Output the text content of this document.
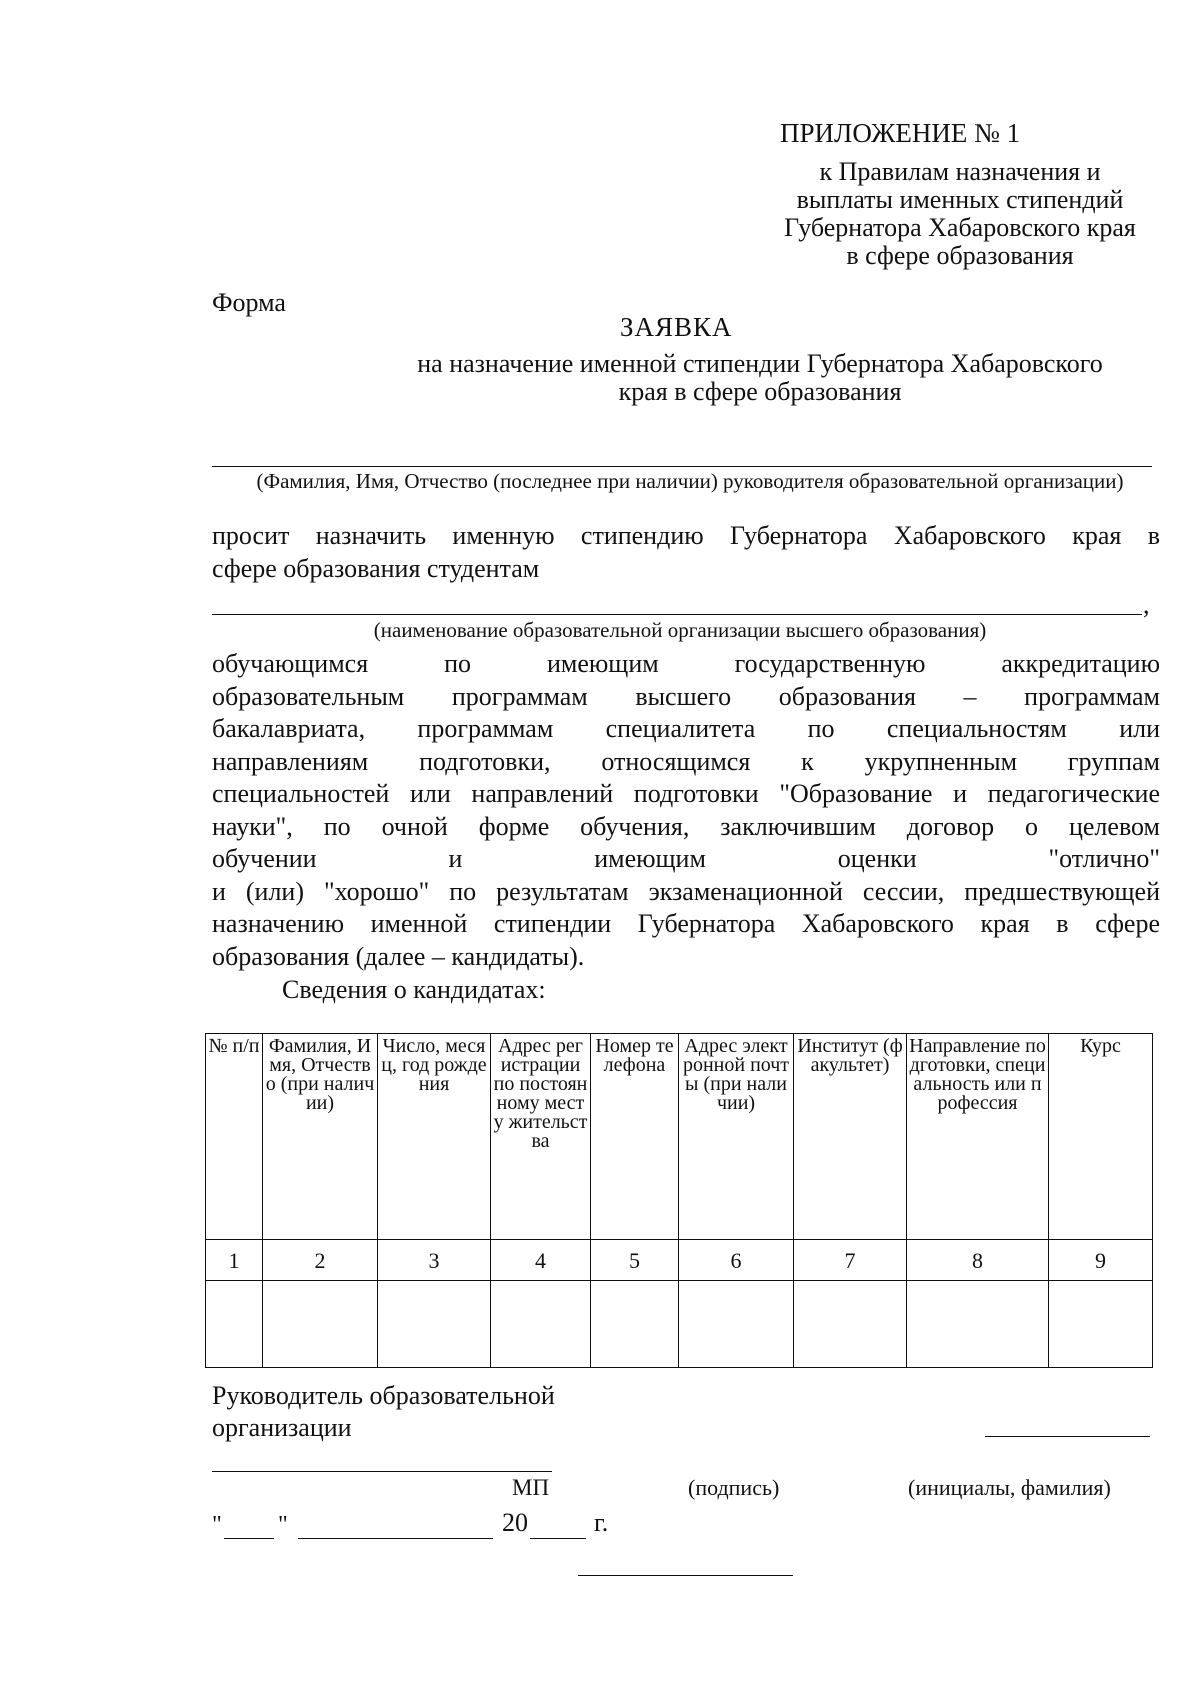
ПРИЛОЖЕНИЕ № 1
к Правилам назначения и
выплаты именных стипендий
Губернатора Хабаровского края
в сфере образования
Форма
ЗАЯВКА
на назначение именной стипендии Губернатора Хабаровского
края в сфере образования
(Фамилия, Имя, Отчество (последнее при наличии) руководителя образовательной организации)
просит назначить именную стипендию Губернатора Хабаровского края в
сфере образования студентам
,
(наименование образовательной организации высшего образования)
обучающимся по имеющим государственную аккредитацию
образовательным программам высшего образования – программам
бакалавриата, программам специалитета по специальностям или
направлениям подготовки, относящимся к укрупненным группам
специальностей или направлений подготовки "Образование и педагогические
науки", по очной форме обучения, заключившим договор о целевом
обучении и имеющим оценки "отлично"
и (или) "хорошо" по результатам экзаменационной сессии, предшествующей
назначению именной стипендии Губернатора Хабаровского края в сфере
образования (далее – кандидаты).
Сведения о кандидатах:
№ п/п	Фамилия, Имя, Отчество (при наличии)	Число, месяц, год рождения	Адрес регистрации по постоянному месту жительства	Номер телефона	Адрес электронной почты (при наличии)	Институт (факультет)	Направление подготовки, специальность или профессия	Курс
1	2	3	4	5	6	7	8	9

Руководитель образовательной
организации
МП	(подпись)	(инициалы, фамилия)
" "	20	г.
